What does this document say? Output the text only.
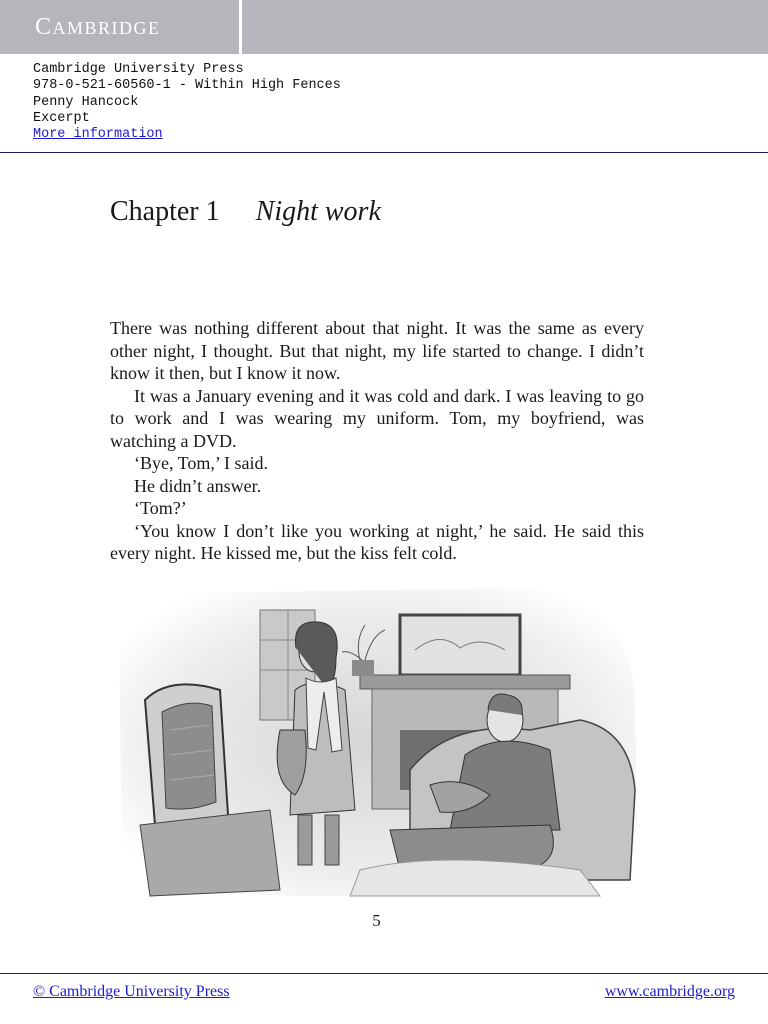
CAMBRIDGE
Cambridge University Press
978-0-521-60560-1 - Within High Fences
Penny Hancock
Excerpt
More information
Chapter 1 Night work

There was nothing different about that night. It was the same as every other night, I thought. But that night, my life started to change. I didn’t know it then, but I know it now.

It was a January evening and it was cold and dark. I was leaving to go to work and I was wearing my uniform. Tom, my boyfriend, was watching a DVD.

‘Bye, Tom,’ I said.

He didn’t answer.

‘Tom?’

‘You know I don’t like you working at night,’ he said. He said this every night. He kissed me, but the kiss felt cold.

5
© Cambridge University Press	www.cambridge.org
